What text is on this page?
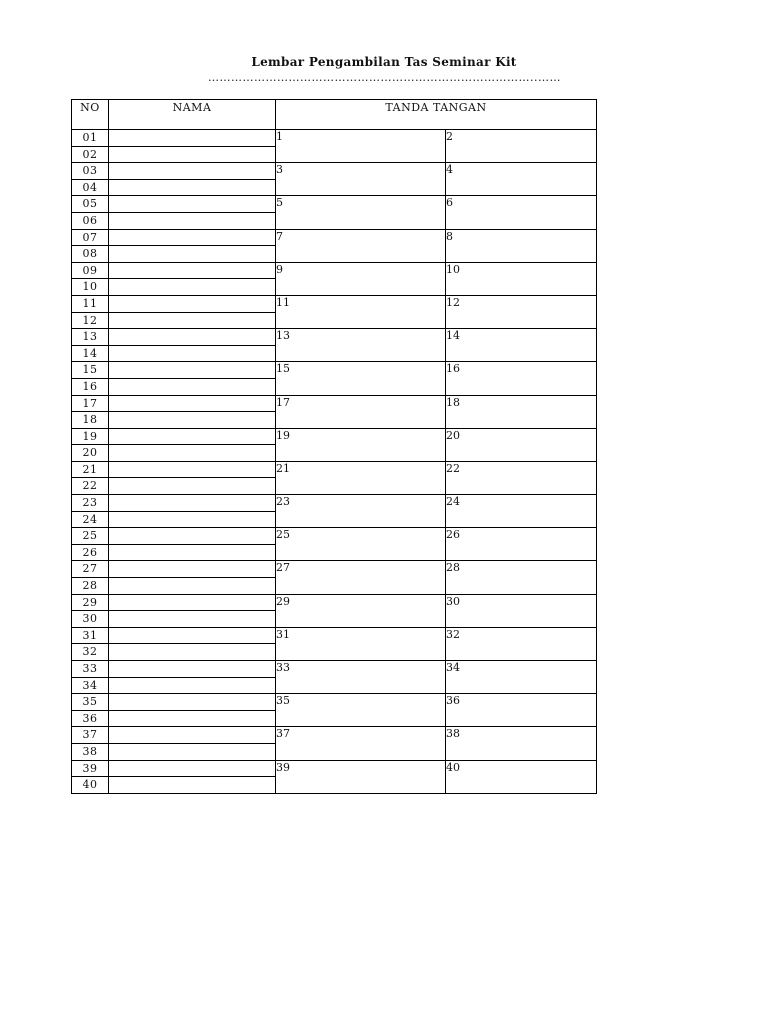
Lembar Pengambilan Tas Seminar Kit
…………………………………………………………………………..……
NO	NAMA	TANDA TANGAN	
01		1	2
02			
03		3	4
04			
05		5	6
06			
07		7	8
08			
09		9	10
10			
11		11	12
12			
13		13	14
14			
15		15	16
16			
17		17	18
18			
19		19	20
20			
21		21	22
22			
23		23	24
24			
25		25	26
26			
27		27	28
28			
29		29	30
30			
31		31	32
32			
33		33	34
34			
35		35	36
36			
37		37	38
38			
39		39	40
40			
